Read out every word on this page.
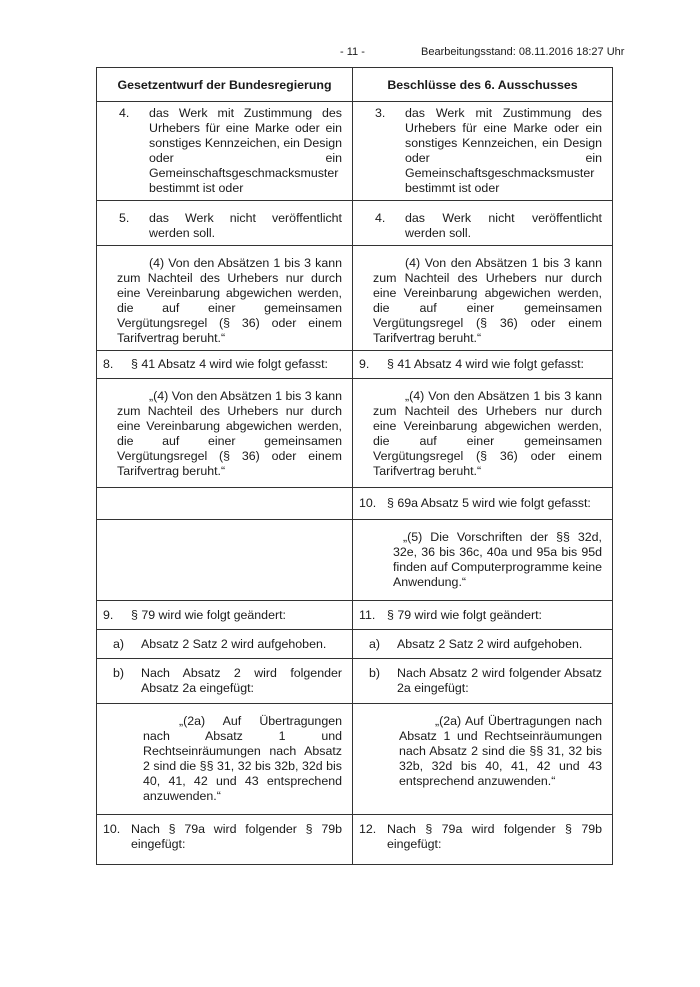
- 11 -	Bearbeitungsstand: 08.11.2016 18:27 Uhr
Gesetzentwurf der Bundesregierung	Beschlüsse des 6. Ausschusses

4. das Werk mit Zustimmung des Urhebers für eine Marke oder ein sonstiges Kennzeichen, ein Design oder ein Gemeinschaftsgeschmacksmuster bestimmt ist oder	3. das Werk mit Zustimmung des Urhebers für eine Marke oder ein sonstiges Kennzeichen, ein Design oder ein Gemeinschaftsgeschmacksmuster bestimmt ist oder

5. das Werk nicht veröffentlicht werden soll.	4. das Werk nicht veröffentlicht werden soll.

(4) Von den Absätzen 1 bis 3 kann zum Nachteil des Urhebers nur durch eine Vereinbarung abgewichen werden, die auf einer gemeinsamen Vergütungsregel (§ 36) oder einem Tarifvertrag beruht.“	(4) Von den Absätzen 1 bis 3 kann zum Nachteil des Urhebers nur durch eine Vereinbarung abgewichen werden, die auf einer gemeinsamen Vergütungsregel (§ 36) oder einem Tarifvertrag beruht.“

8. § 41 Absatz 4 wird wie folgt gefasst:	9. § 41 Absatz 4 wird wie folgt gefasst:

„(4) Von den Absätzen 1 bis 3 kann zum Nachteil des Urhebers nur durch eine Vereinbarung abgewichen werden, die auf einer gemeinsamen Vergütungsregel (§ 36) oder einem Tarifvertrag beruht.“	„(4) Von den Absätzen 1 bis 3 kann zum Nachteil des Urhebers nur durch eine Vereinbarung abgewichen werden, die auf einer gemeinsamen Vergütungsregel (§ 36) oder einem Tarifvertrag beruht.“

	10. § 69a Absatz 5 wird wie folgt gefasst:

	„(5) Die Vorschriften der §§ 32d, 32e, 36 bis 36c, 40a und 95a bis 95d finden auf Computerprogramme keine Anwendung.“

9. § 79 wird wie folgt geändert:	11. § 79 wird wie folgt geändert:

a) Absatz 2 Satz 2 wird aufgehoben.	a) Absatz 2 Satz 2 wird aufgehoben.

b) Nach Absatz 2 wird folgender Absatz 2a eingefügt:	b) Nach Absatz 2 wird folgender Absatz 2a eingefügt:

„(2a) Auf Übertragungen nach Absatz 1 und Rechtseinräumungen nach Absatz 2 sind die §§ 31, 32 bis 32b, 32d bis 40, 41, 42 und 43 entsprechend anzuwenden.“	„(2a) Auf Übertragungen nach Absatz 1 und Rechtseinräumungen nach Absatz 2 sind die §§ 31, 32 bis 32b, 32d bis 40, 41, 42 und 43 entsprechend anzuwenden.“

10. Nach § 79a wird folgender § 79b eingefügt:	12. Nach § 79a wird folgender § 79b eingefügt:
